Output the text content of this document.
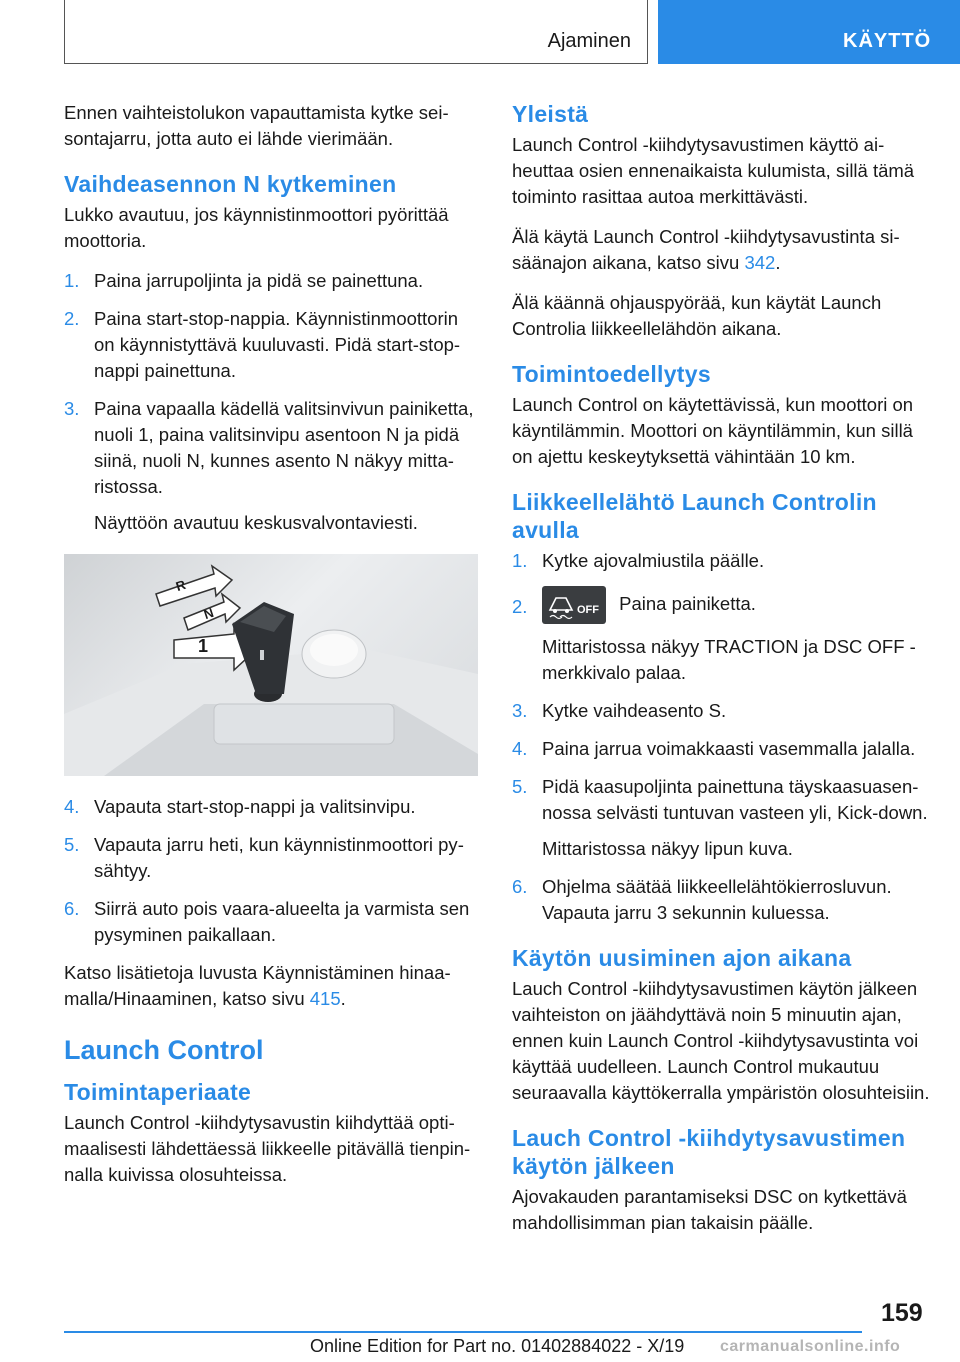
Ajaminen	KÄYTTÖ

Ennen vaihteistolukon vapauttamista kytke seisontajarru, jotta auto ei lähde vierimään.

Vaihdeasennon N kytkeminen

Lukko avautuu, jos käynnistinmoottori pyörittää moottoria.

1. Paina jarrupoljinta ja pidä se painettuna.
2. Paina start-stop-nappia. Käynnistinmoottorin on käynnistyttävä kuuluvasti. Pidä start-stop-nappi painettuna.
3. Paina vapaalla kädellä valitsinvivun painiketta, nuoli 1, paina valitsinvipu asentoon N ja pidä siinä, nuoli N, kunnes asento N näkyy mittaristossa.
Näyttöön avautuu keskusvalvontaviesti.
R
N
1
4. Vapauta start-stop-nappi ja valitsinvipu.
5. Vapauta jarru heti, kun käynnistinmoottori pysähtyy.
6. Siirrä auto pois vaara-alueelta ja varmista sen pysyminen paikallaan.

Katso lisätietoja luvusta Käynnistäminen hinaamalla/Hinaaminen, katso sivu 415.

Launch Control
Toimintaperiaate

Launch Control -kiihdytysavustin kiihdyttää optimaalisesti lähdettäessä liikkeelle pitävällä tienpinnalla kuivissa olosuhteissa.

Yleistä

Launch Control -kiihdytysavustimen käyttö aiheuttaa osien ennenaikaista kulumista, sillä tämä toiminto rasittaa autoa merkittävästi.

Älä käytä Launch Control -kiihdytysavustinta sisäänajon aikana, katso sivu 342.

Älä käännä ohjauspyörää, kun käytät Launch Controlia liikkeellelähdön aikana.

Toimintoedellytys

Launch Control on käytettävissä, kun moottori on käyntilämmin. Moottori on käyntilämmin, kun sillä on ajettu keskeytyksettä vähintään 10 km.

Liikkeellelähtö Launch Controlin avulla
1. Kytke ajovalmiustila päälle.
2.	OFF Paina painiketta.
Mittaristossa näkyy TRACTION ja DSC OFF -merkkivalo palaa.
3. Kytke vaihdeasento S.
4. Paina jarrua voimakkaasti vasemmalla jalalla.
5. Pidä kaasupoljinta painettuna täyskaasuasennossa selvästi tuntuvan vasteen yli, Kick-down.
Mittaristossa näkyy lipun kuva.
6. Ohjelma säätää liikkeellelähtökierrosluvun. Vapauta jarru 3 sekunnin kuluessa.
Käytön uusiminen ajon aikana

Lauch Control -kiihdytysavustimen käytön jälkeen vaihteiston on jäähdyttävä noin 5 minuutin ajan, ennen kuin Launch Control -kiihdytysavustinta voi käyttää uudelleen. Launch Control mukautuu seuraavalla käyttökerralla ympäristön olosuhteisiin.

Lauch Control -kiihdytysavustimen käytön jälkeen

Ajovakauden parantamiseksi DSC on kytkettävä mahdollisimman pian takaisin päälle.

159
Online Edition for Part no. 01402884022 - X/19 carmanualsonline.info
